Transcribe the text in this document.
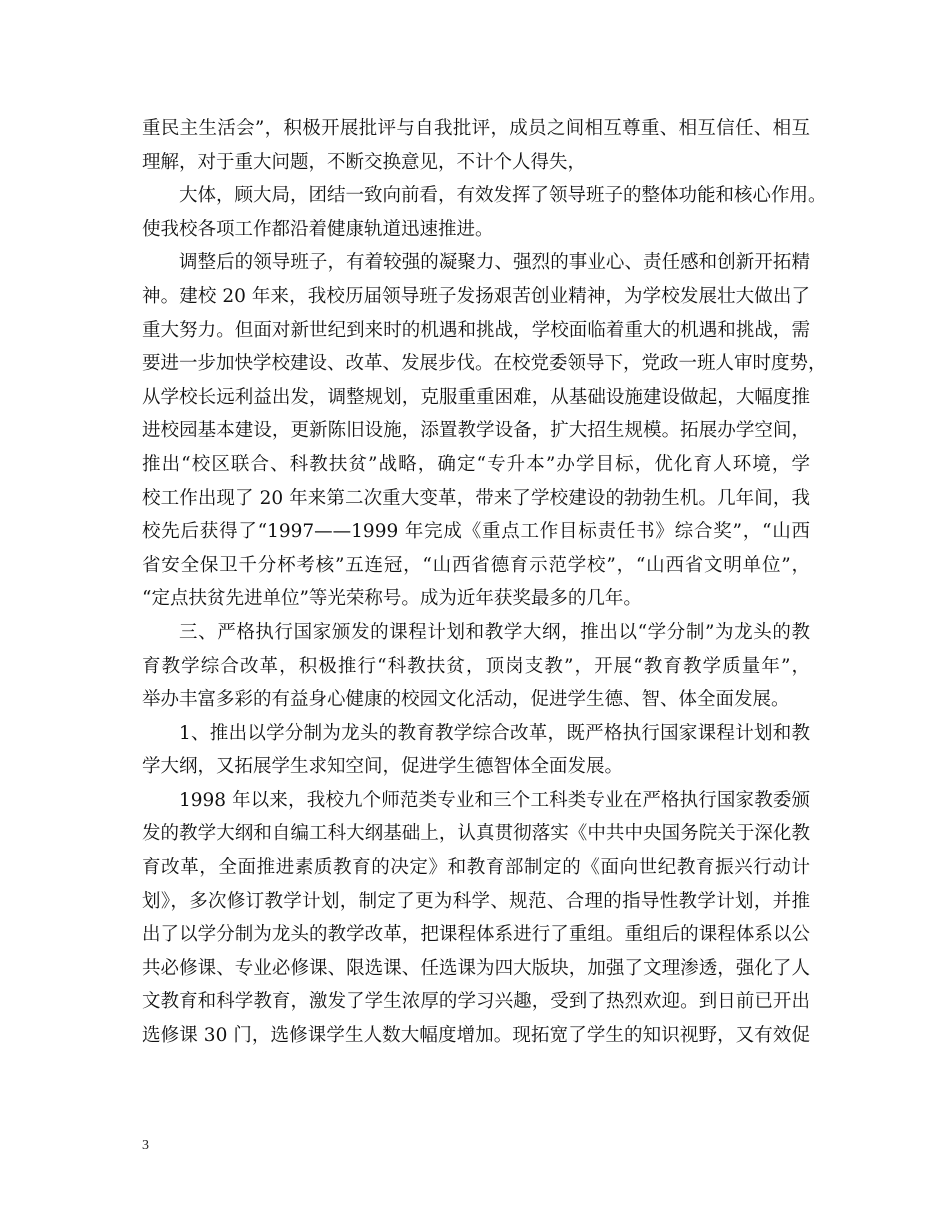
重民主生活会”，积极开展批评与自我批评，成员之间相互尊重、相互信任、相互
理解，对于重大问题，不断交换意见，不计个人得失，
大体，顾大局，团结一致向前看，有效发挥了领导班子的整体功能和核心作用。
使我校各项工作都沿着健康轨道迅速推进。
调整后的领导班子，有着较强的凝聚力、强烈的事业心、责任感和创新开拓精
神。建校 20 年来，我校历届领导班子发扬艰苦创业精神，为学校发展壮大做出了
重大努力。但面对新世纪到来时的机遇和挑战，学校面临着重大的机遇和挑战，需
要进一步加快学校建设、改革、发展步伐。在校党委领导下，党政一班人审时度势，
从学校长远利益出发，调整规划，克服重重困难，从基础设施建设做起，大幅度推
进校园基本建设，更新陈旧设施，添置教学设备，扩大招生规模。拓展办学空间，
推出“校区联合、科教扶贫”战略，确定“专升本”办学目标，优化育人环境，学
校工作出现了 20 年来第二次重大变革，带来了学校建设的勃勃生机。几年间，我
校先后获得了“1997——1999 年完成《重点工作目标责任书》综合奖”，“山西
省安全保卫千分杯考核”五连冠，“山西省德育示范学校”，“山西省文明单位”，
“定点扶贫先进单位”等光荣称号。成为近年获奖最多的几年。
三、严格执行国家颁发的课程计划和教学大纲，推出以“学分制”为龙头的教
育教学综合改革，积极推行“科教扶贫，顶岗支教”，开展“教育教学质量年”，
举办丰富多彩的有益身心健康的校园文化活动，促进学生德、智、体全面发展。
1、推出以学分制为龙头的教育教学综合改革，既严格执行国家课程计划和教
学大纲，又拓展学生求知空间，促进学生德智体全面发展。
1998 年以来，我校九个师范类专业和三个工科类专业在严格执行国家教委颁
发的教学大纲和自编工科大纲基础上，认真贯彻落实《中共中央国务院关于深化教
育改革，全面推进素质教育的决定》和教育部制定的《面向世纪教育振兴行动计
划》，多次修订教学计划，制定了更为科学、规范、合理的指导性教学计划，并推
出了以学分制为龙头的教学改革，把课程体系进行了重组。重组后的课程体系以公
共必修课、专业必修课、限选课、任选课为四大版块，加强了文理渗透，强化了人
文教育和科学教育，激发了学生浓厚的学习兴趣，受到了热烈欢迎。到日前已开出
选修课 30 门，选修课学生人数大幅度增加。现拓宽了学生的知识视野，又有效促
3
